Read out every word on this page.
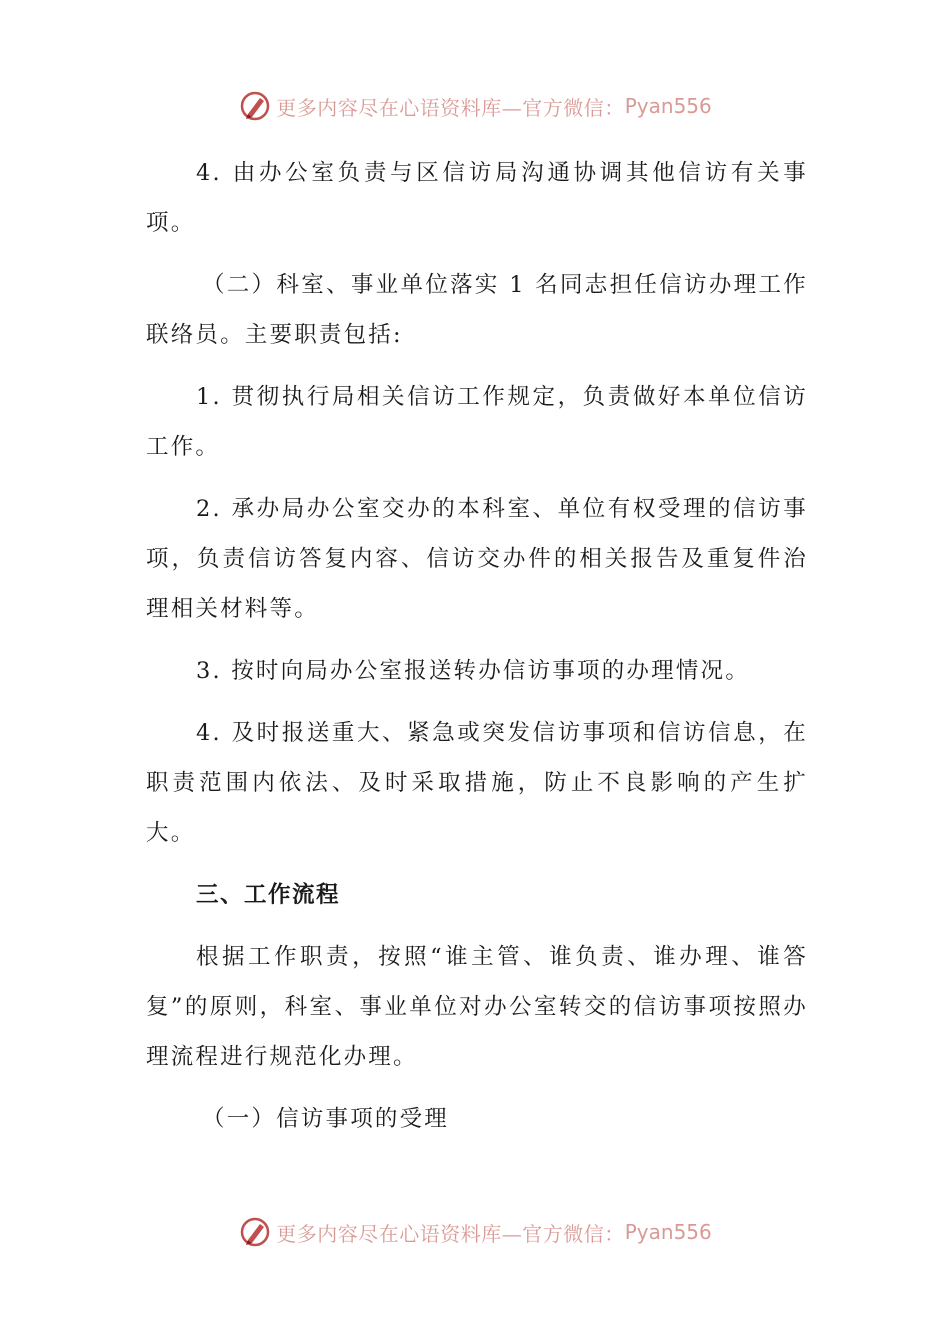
更多内容尽在心语资料库—官方微信： Pyan556

4. 由办公室负责与区信访局沟通协调其他信访有关事项。

（二）科室、事业单位落实 1 名同志担任信访办理工作联络员。主要职责包括:

1. 贯彻执行局相关信访工作规定，负责做好本单位信访工作。

2. 承办局办公室交办的本科室、单位有权受理的信访事项，负责信访答复内容、信访交办件的相关报告及重复件治理相关材料等。

3. 按时向局办公室报送转办信访事项的办理情况。

4. 及时报送重大、紧急或突发信访事项和信访信息，在职责范围内依法、及时采取措施，防止不良影响的产生扩大。

三、工作流程

根据工作职责，按照“谁主管、谁负责、谁办理、谁答复”的原则，科室、事业单位对办公室转交的信访事项按照办理流程进行规范化办理。

（一）信访事项的受理

更多内容尽在心语资料库—官方微信： Pyan556
